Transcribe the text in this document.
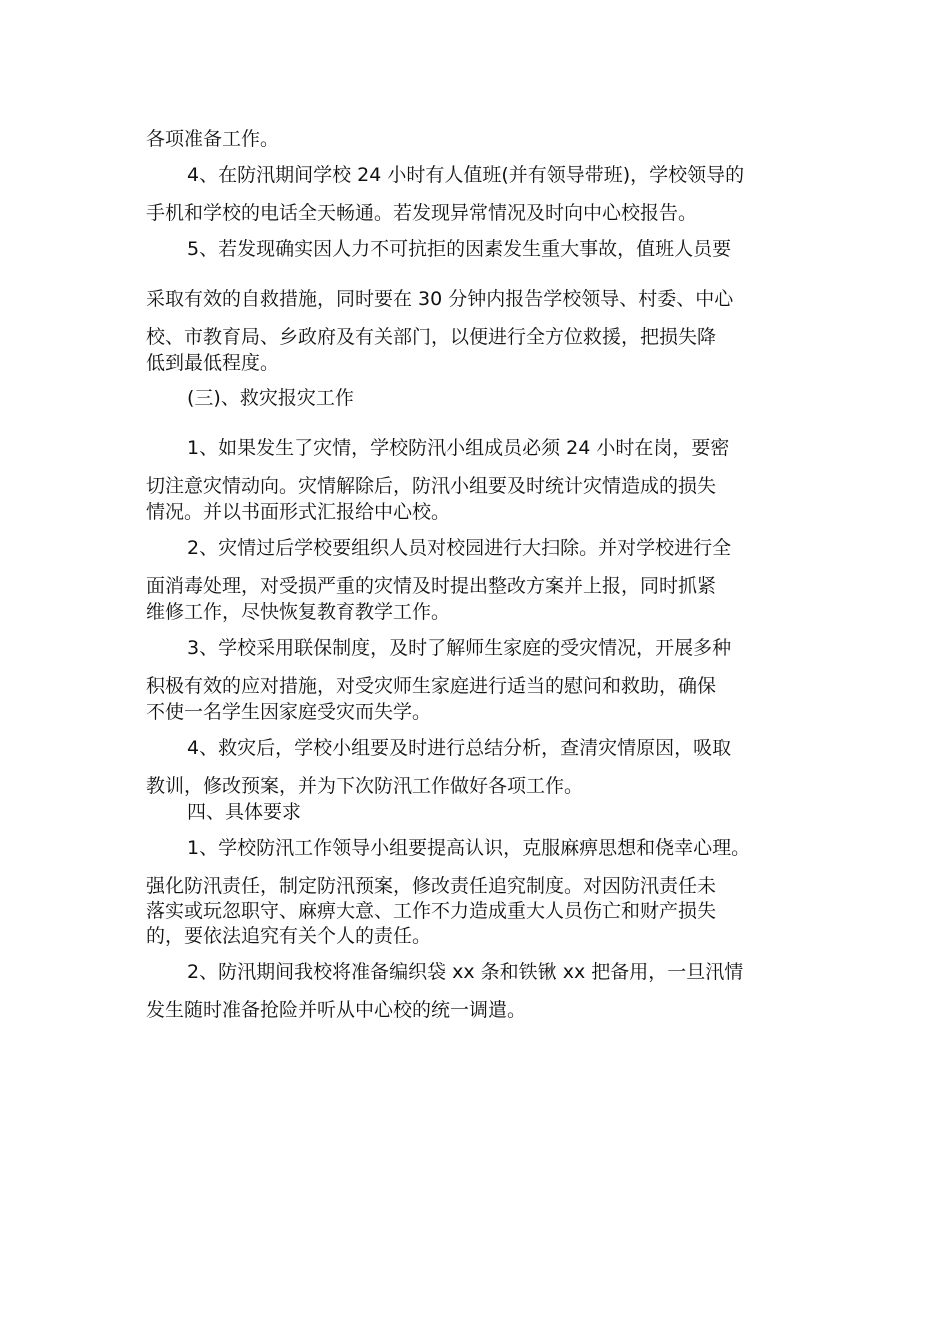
各项准备工作。
4、在防汛期间学校 24 小时有人值班(并有领导带班)，学校领导的
手机和学校的电话全天畅通。若发现异常情况及时向中心校报告。
5、若发现确实因人力不可抗拒的因素发生重大事故，值班人员要
采取有效的自救措施，同时要在 30 分钟内报告学校领导、村委、中心
校、市教育局、乡政府及有关部门，以便进行全方位救援，把损失降
低到最低程度。
(三)、救灾报灾工作
1、如果发生了灾情，学校防汛小组成员必须 24 小时在岗，要密
切注意灾情动向。灾情解除后，防汛小组要及时统计灾情造成的损失
情况。并以书面形式汇报给中心校。
2、灾情过后学校要组织人员对校园进行大扫除。并对学校进行全
面消毒处理，对受损严重的灾情及时提出整改方案并上报，同时抓紧
维修工作，尽快恢复教育教学工作。
3、学校采用联保制度，及时了解师生家庭的受灾情况，开展多种
积极有效的应对措施，对受灾师生家庭进行适当的慰问和救助，确保
不使一名学生因家庭受灾而失学。
4、救灾后，学校小组要及时进行总结分析，查清灾情原因，吸取
教训，修改预案，并为下次防汛工作做好各项工作。
四、具体要求
1、学校防汛工作领导小组要提高认识，克服麻痹思想和侥幸心理。
强化防汛责任，制定防汛预案，修改责任追究制度。对因防汛责任未
落实或玩忽职守、麻痹大意、工作不力造成重大人员伤亡和财产损失
的，要依法追究有关个人的责任。
2、防汛期间我校将准备编织袋 xx 条和铁锹 xx 把备用，一旦汛情
发生随时准备抢险并听从中心校的统一调遣。
